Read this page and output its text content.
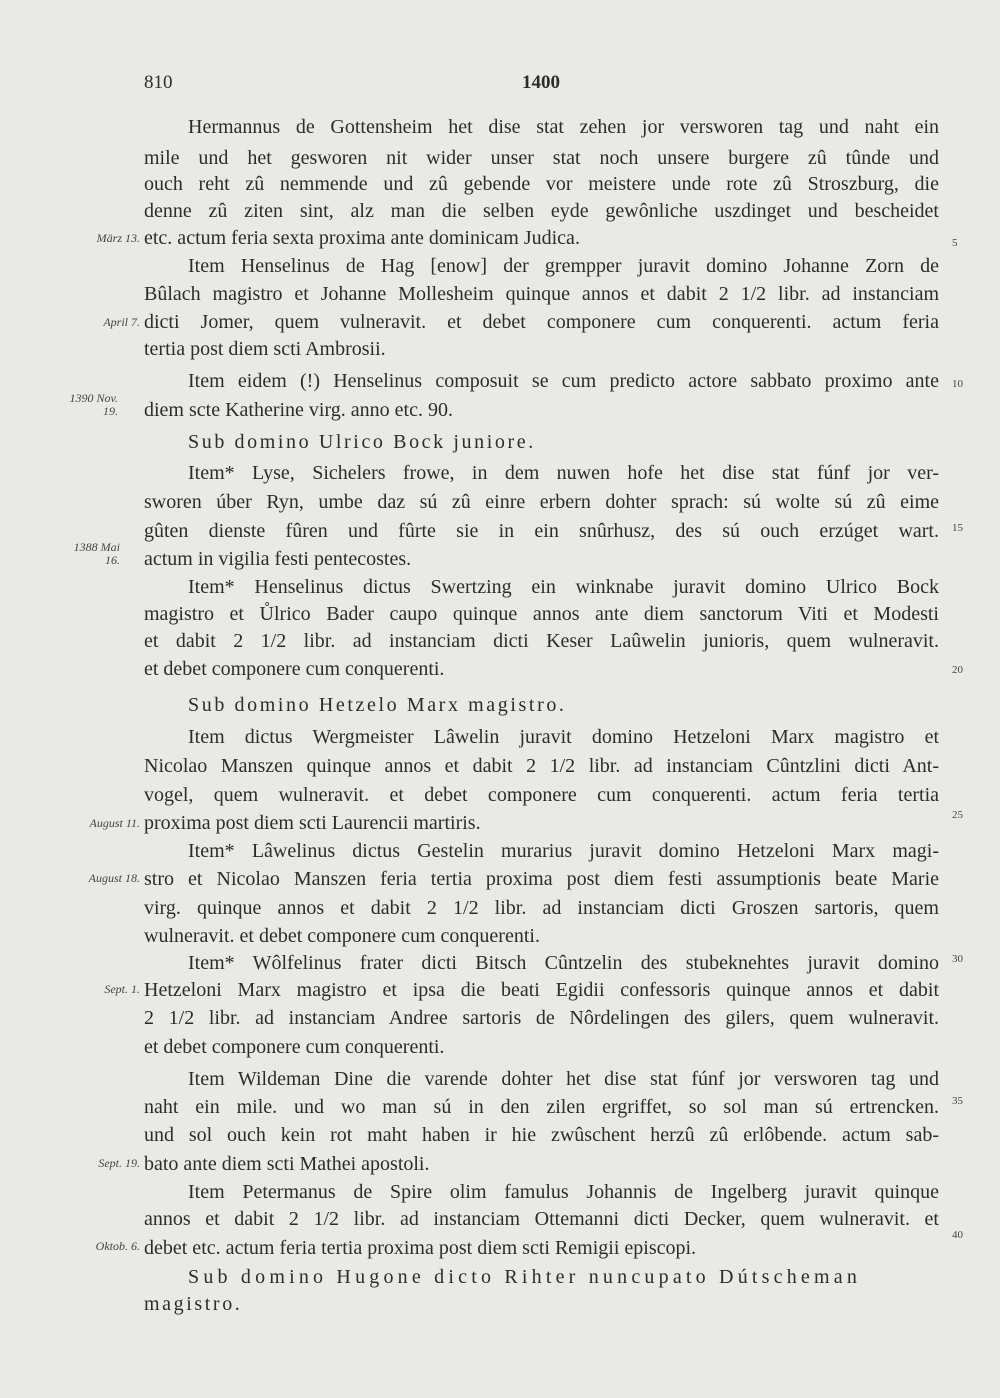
810	1400
Hermannus de Gottensheim het dise stat zehen jor versworen tag und naht ein
mile und het gesworen nit wider unser stat noch unsere burgere zû tûnde und
ouch reht zû nemmende und zû gebende vor meistere unde rote zû Stroszburg, die
denne zû ziten sint, alz man die selben eyde gewônliche uszdinget und bescheidet
etc. actum feria sexta proxima ante dominicam Judica.
Item Henselinus de Hag [enow] der grempper juravit domino Johanne Zorn de
Bûlach magistro et Johanne Mollesheim quinque annos et dabit 2 1/2 libr. ad instanciam
dicti Jomer, quem vulneravit. et debet componere cum conquerenti. actum feria
tertia post diem scti Ambrosii.
Item eidem (!) Henselinus composuit se cum predicto actore sabbato proximo ante
diem scte Katherine virg. anno etc. 90.
Sub domino Ulrico Bock juniore.
Item* Lyse, Sichelers frowe, in dem nuwen hofe het dise stat fúnf jor ver-
sworen úber Ryn, umbe daz sú zû einre erbern dohter sprach: sú wolte sú zû eime
gûten dienste fûren und fûrte sie in ein snûrhusz, des sú ouch erzúget wart.
actum in vigilia festi pentecostes.
Item* Henselinus dictus Swertzing ein winknabe juravit domino Ulrico Bock
magistro et Ůlrico Bader caupo quinque annos ante diem sanctorum Viti et Modesti
et dabit 2 1/2 libr. ad instanciam dicti Keser Laûwelin junioris, quem wulneravit.
et debet componere cum conquerenti.
Sub domino Hetzelo Marx magistro.
Item dictus Wergmeister Lâwelin juravit domino Hetzeloni Marx magistro et
Nicolao Manszen quinque annos et dabit 2 1/2 libr. ad instanciam Cûntzlini dicti Ant-
vogel, quem wulneravit. et debet componere cum conquerenti. actum feria tertia
proxima post diem scti Laurencii martiris.
Item* Lâwelinus dictus Gestelin murarius juravit domino Hetzeloni Marx magi-
stro et Nicolao Manszen feria tertia proxima post diem festi assumptionis beate Marie
virg. quinque annos et dabit 2 1/2 libr. ad instanciam dicti Groszen sartoris, quem
wulneravit. et debet componere cum conquerenti.
Item* Wôlfelinus frater dicti Bitsch Cûntzelin des stubeknehtes juravit domino
Hetzeloni Marx magistro et ipsa die beati Egidii confessoris quinque annos et dabit
2 1/2 libr. ad instanciam Andree sartoris de Nôrdelingen des gilers, quem wulneravit.
et debet componere cum conquerenti.
Item Wildeman Dine die varende dohter het dise stat fúnf jor versworen tag und
naht ein mile. und wo man sú in den zilen ergriffet, so sol man sú ertrencken.
und sol ouch kein rot maht haben ir hie zwûschent herzû zû erlôbende. actum sab-
bato ante diem scti Mathei apostoli.
Item Petermanus de Spire olim famulus Johannis de Ingelberg juravit quinque
annos et dabit 2 1/2 libr. ad instanciam Ottemanni dicti Decker, quem wulneravit. et
debet etc. actum feria tertia proxima post diem scti Remigii episcopi.
Sub domino Hugone dicto Rihter nuncupato Dútscheman
magistro.
März 13.
April 7.
1390 Nov. 19.
1388 Mai 16.
August 11.
August 18.
Sept. 1.
Sept. 19.
Oktob. 6.
5
10
15
20
25
30
35
40
